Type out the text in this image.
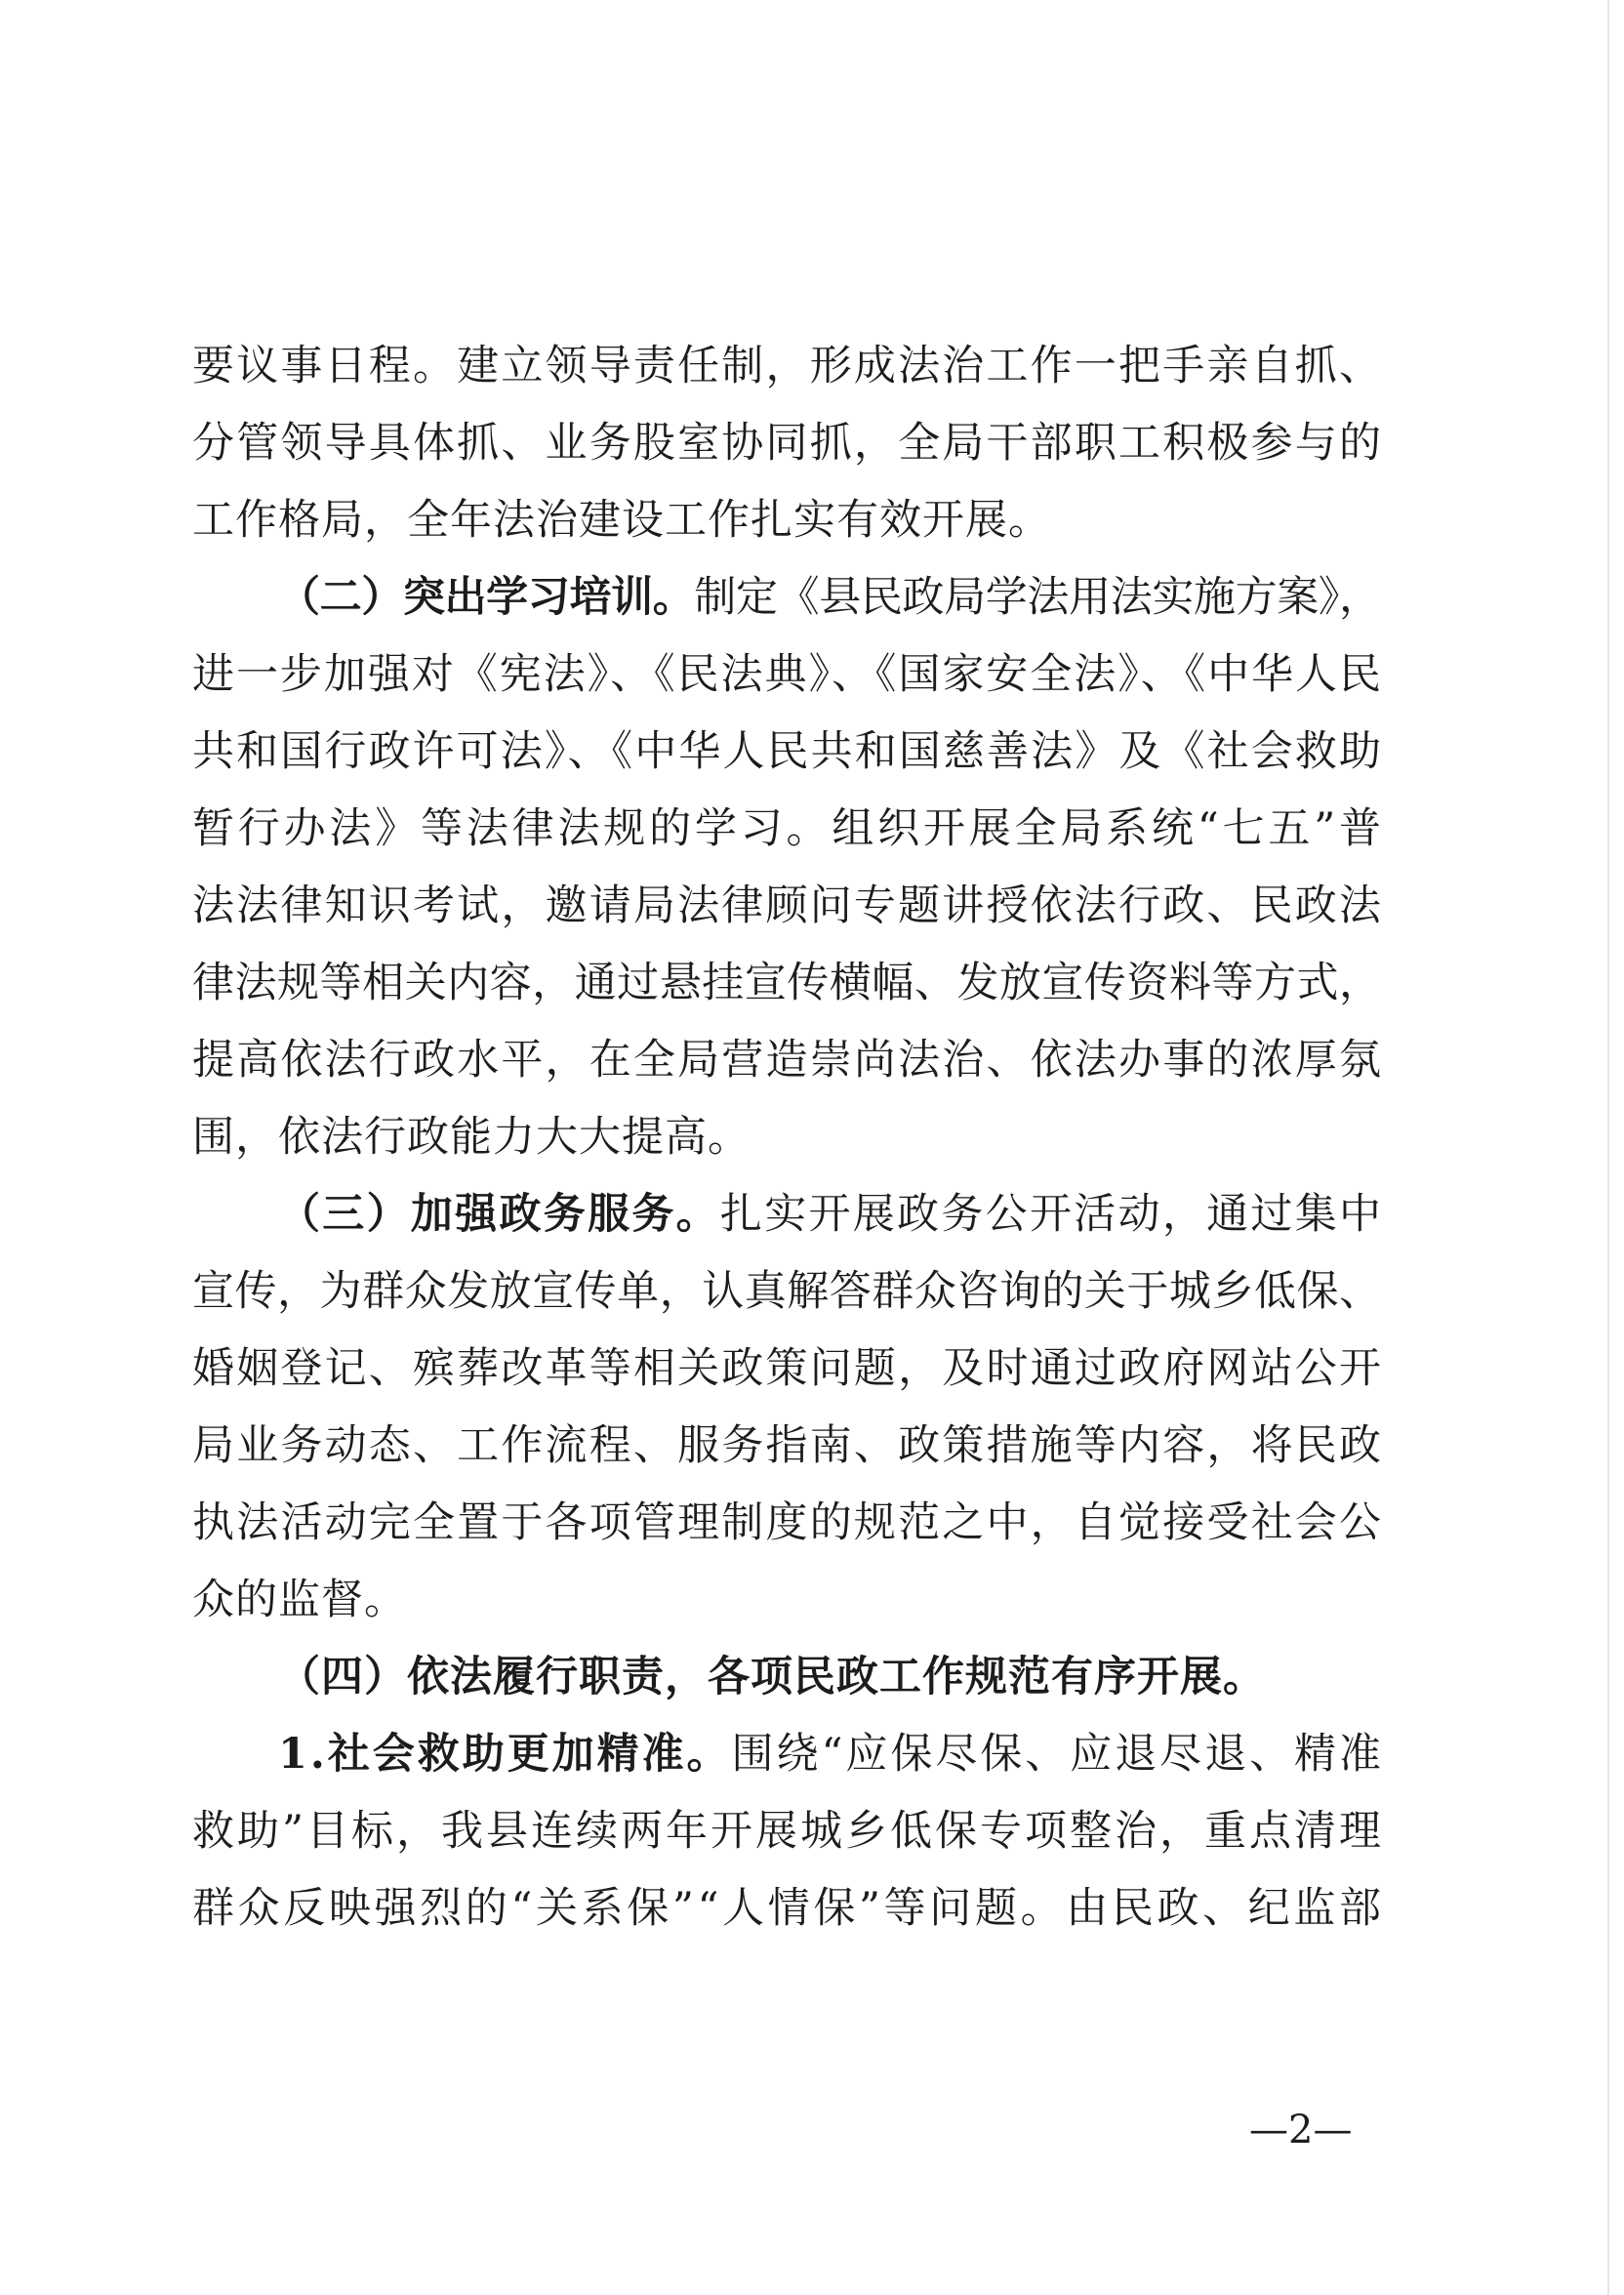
要议事日程。建立领导责任制，形成法治工作一把手亲自抓、
分管领导具体抓、业务股室协同抓，全局干部职工积极参与的
工作格局，全年法治建设工作扎实有效开展。
（二）突出学习培训。制定《县民政局学法用法实施方案》，
进一步加强对《宪法》、《民法典》、《国家安全法》、《中华人民
共和国行政许可法》、《中华人民共和国慈善法》及《社会救助
暂行办法》等法律法规的学习。组织开展全局系统“七五”普
法法律知识考试，邀请局法律顾问专题讲授依法行政、民政法
律法规等相关内容，通过悬挂宣传横幅、发放宣传资料等方式，
提高依法行政水平，在全局营造崇尚法治、依法办事的浓厚氛
围，依法行政能力大大提高。
（三）加强政务服务。扎实开展政务公开活动，通过集中
宣传，为群众发放宣传单，认真解答群众咨询的关于城乡低保、
婚姻登记、殡葬改革等相关政策问题，及时通过政府网站公开
局业务动态、工作流程、服务指南、政策措施等内容，将民政
执法活动完全置于各项管理制度的规范之中，自觉接受社会公
众的监督。
（四）依法履行职责，各项民政工作规范有序开展。
1.社会救助更加精准。围绕“应保尽保、应退尽退、精准
救助”目标，我县连续两年开展城乡低保专项整治，重点清理
群众反映强烈的“关系保”“人情保”等问题。由民政、纪监部
—2—
